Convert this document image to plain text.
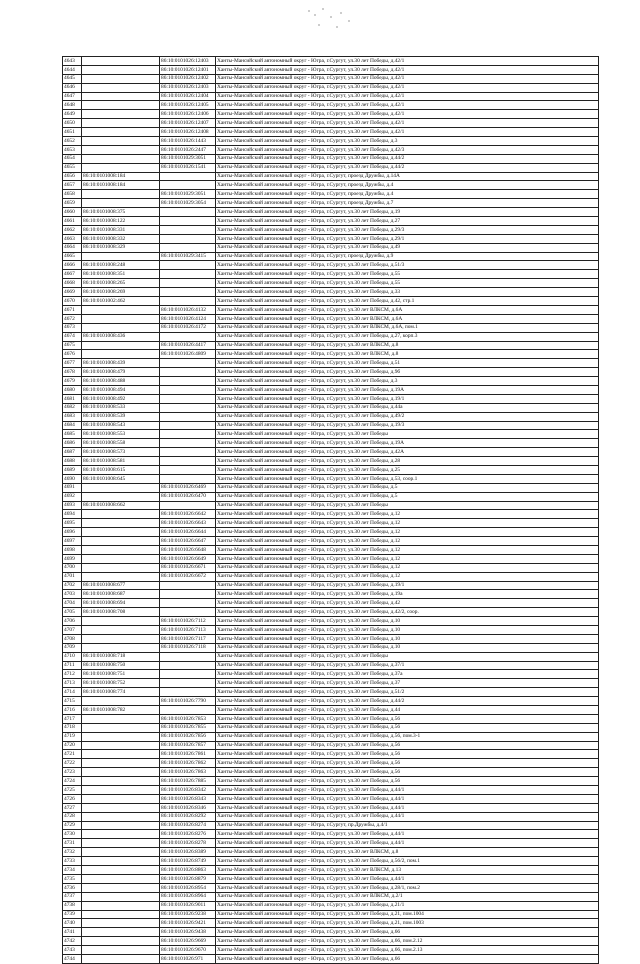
4643		86:10:0101026:12403	Ханты-Мансийский автономный округ - Югра, г.Сургут, ул.30 лет Победы, д.42/1
4644		86:10:0101026:12401	Ханты-Мансийский автономный округ - Югра, г.Сургут, ул.30 лет Победы, д.42/1
4645		86:10:0101026:12402	Ханты-Мансийский автономный округ - Югра, г.Сургут, ул.30 лет Победы, д.42/1
4646		86:10:0101026:12403	Ханты-Мансийский автономный округ - Югра, г.Сургут, ул.30 лет Победы, д.42/1
4647		86:10:0101026:12404	Ханты-Мансийский автономный округ - Югра, г.Сургут, ул.30 лет Победы, д.42/1
4648		86:10:0101026:12405	Ханты-Мансийский автономный округ - Югра, г.Сургут, ул.30 лет Победы, д.42/1
4649		86:10:0101026:12406	Ханты-Мансийский автономный округ - Югра, г.Сургут, ул.30 лет Победы, д.42/1
4650		86:10:0101026:12407	Ханты-Мансийский автономный округ - Югра, г.Сургут, ул.30 лет Победы, д.42/1
4651		86:10:0101026:12408	Ханты-Мансийский автономный округ - Югра, г.Сургут, ул.30 лет Победы, д.42/1
4652		86:10:0101026:1443	Ханты-Мансийский автономный округ - Югра, г.Сургут, ул.30 лет Победы, д.3
4653		86:10:0101026:2447	Ханты-Мансийский автономный округ - Югра, г.Сургут, ул.30 лет Победы, д.42/3
4654		86:10:0101029:3051	Ханты-Мансийский автономный округ - Югра, г.Сургут, ул.30 лет Победы, д.44/2
4655		86:10:0101026:1541	Ханты-Мансийский автономный округ - Югра, г.Сургут, ул.30 лет Победы, д.44/2
4656	86:10:0101008:184		Ханты-Мансийский автономный округ - Югра, г.Сургут, проезд Дружбы, д.14А
4657	86:10:0101008:184		Ханты-Мансийский автономный округ - Югра, г.Сургут, проезд Дружбы, д.4
4658		86:10:0101029:3051	Ханты-Мансийский автономный округ - Югра, г.Сургут, проезд Дружбы, д.4
4659		86:10:0101029:3054	Ханты-Мансийский автономный округ - Югра, г.Сургут, проезд Дружбы, д.7
4660	86:10:0101008:375		Ханты-Мансийский автономный округ - Югра, г.Сургут, ул.30 лет Победы, д.19
4661	86:10:0101008:122		Ханты-Мансийский автономный округ - Югра, г.Сургут, ул.30 лет Победы, д.27
4662	86:10:0101008:331		Ханты-Мансийский автономный округ - Югра, г.Сургут, ул.30 лет Победы, д.29/3
4663	86:10:0101008:332		Ханты-Мансийский автономный округ - Югра, г.Сургут, ул.30 лет Победы, д.29/1
4664	86:10:0101008:329		Ханты-Мансийский автономный округ - Югра, г.Сургут, ул.30 лет Победы, д.49
4665		86:10:0101029:3415	Ханты-Мансийский автономный округ - Югра, г.Сургут, проезд Дружбы, д.9
4666	86:10:0101008:248		Ханты-Мансийский автономный округ - Югра, г.Сургут, ул.30 лет Победы, д.51/3
4667	86:10:0101008:351		Ханты-Мансийский автономный округ - Югра, г.Сургут, ул.30 лет Победы, д.55
4668	86:10:0101008:265		Ханты-Мансийский автономный округ - Югра, г.Сургут, ул.30 лет Победы, д.55
4669	86:10:0101008:269		Ханты-Мансийский автономный округ - Югра, г.Сургут, ул.30 лет Победы, д.33
4670	86:10:0101002:462		Ханты-Мансийский автономный округ - Югра, г.Сургут, ул.30 лет Победы, д.42, стр.1
4671		86:10:0101026:4132	Ханты-Мансийский автономный округ - Югра, г.Сургут, ул.30 лет ВЛКСМ, д.6А
4672		86:10:0101026:4124	Ханты-Мансийский автономный округ - Югра, г.Сургут, ул.30 лет ВЛКСМ, д.6А
4673		86:10:0101026:4172	Ханты-Мансийский автономный округ - Югра, г.Сургут, ул.30 лет ВЛКСМ, д.6А, пом.1
4674	86:10:0101008:436		Ханты-Мансийский автономный округ - Югра, г.Сургут, ул.30 лет Победы, д.27, корп.3
4675		86:10:0101026:4417	Ханты-Мансийский автономный округ - Югра, г.Сургут, ул.30 лет ВЛКСМ, д.8
4676		86:10:0101026:4809	Ханты-Мансийский автономный округ - Югра, г.Сургут, ул.30 лет ВЛКСМ, д.8
4677	86:10:0101008:439		Ханты-Мансийский автономный округ - Югра, г.Сургут, ул.30 лет Победы, д.51
4678	86:10:0101008:479		Ханты-Мансийский автономный округ - Югра, г.Сургут, ул.30 лет Победы, д.9б
4679	86:10:0101008:488		Ханты-Мансийский автономный округ - Югра, г.Сургут, ул.30 лет Победы, д.3
4680	86:10:0101008:494		Ханты-Мансийский автономный округ - Югра, г.Сургут, ул.30 лет Победы, д.19А
4681	86:10:0101008:492		Ханты-Мансийский автономный округ - Югра, г.Сургут, ул.30 лет Победы, д.19/1
4682	86:10:0101008:533		Ханты-Мансийский автономный округ - Югра, г.Сургут, ул.30 лет Победы, д.44а
4683	86:10:0101008:539		Ханты-Мансийский автономный округ - Югра, г.Сургут, ул.30 лет Победы, д.49/2
4684	86:10:0101008:543		Ханты-Мансийский автономный округ - Югра, г.Сургут, ул.30 лет Победы, д.19/3
4685	86:10:0101008:553		Ханты-Мансийский автономный округ - Югра, г.Сургут, ул.30 лет Победы
4686	86:10:0101008:558		Ханты-Мансийский автономный округ - Югра, г.Сургут, ул.30 лет Победы, д.19А
4687	86:10:0101008:573		Ханты-Мансийский автономный округ - Югра, г.Сургут, ул.30 лет Победы, д.42А
4688	86:10:0101008:581		Ханты-Мансийский автономный округ - Югра, г.Сургут, ул.30 лет Победы, д.28
4689	86:10:0101008:615		Ханты-Мансийский автономный округ - Югра, г.Сургут, ул.30 лет Победы, д.25
4690	86:10:0101008:645		Ханты-Мансийский автономный округ - Югра, г.Сургут, ул.30 лет Победы, д.53, соор.1
4691		86:10:0101026:6469	Ханты-Мансийский автономный округ - Югра, г.Сургут, ул.30 лет Победы, д.5
4692		86:10:0101026:6470	Ханты-Мансийский автономный округ - Югра, г.Сургут, ул.30 лет Победы, д.5
4693	86:10:0101008:662		Ханты-Мансийский автономный округ - Югра, г.Сургут, ул.30 лет Победы
4694		86:10:0101026:6642	Ханты-Мансийский автономный округ - Югра, г.Сургут, ул.30 лет Победы, д.12
4695		86:10:0101026:6643	Ханты-Мансийский автономный округ - Югра, г.Сургут, ул.30 лет Победы, д.12
4696		86:10:0101026:6644	Ханты-Мансийский автономный округ - Югра, г.Сургут, ул.30 лет Победы, д.12
4697		86:10:0101026:6647	Ханты-Мансийский автономный округ - Югра, г.Сургут, ул.30 лет Победы, д.12
4698		86:10:0101026:6648	Ханты-Мансийский автономный округ - Югра, г.Сургут, ул.30 лет Победы, д.12
4699		86:10:0101026:6649	Ханты-Мансийский автономный округ - Югра, г.Сургут, ул.30 лет Победы, д.12
4700		86:10:0101026:6671	Ханты-Мансийский автономный округ - Югра, г.Сургут, ул.30 лет Победы, д.12
4701		86:10:0101026:6672	Ханты-Мансийский автономный округ - Югра, г.Сургут, ул.30 лет Победы, д.12
4702	86:10:0101008:677		Ханты-Мансийский автономный округ - Югра, г.Сургут, ул.30 лет Победы, д.19/1
4703	86:10:0101008:687		Ханты-Мансийский автономный округ - Югра, г.Сургут, ул.30 лет Победы, д.19а
4704	86:10:0101008:694		Ханты-Мансийский автономный округ - Югра, г.Сургут, ул.30 лет Победы, д.42
4705	86:10:0101008:708		Ханты-Мансийский автономный округ - Югра, г.Сургут, ул.30 лет Победы, д.42/2, соор.
4706		86:10:0101026:7112	Ханты-Мансийский автономный округ - Югра, г.Сургут, ул.30 лет Победы, д.10
4707		86:10:0101026:7113	Ханты-Мансийский автономный округ - Югра, г.Сургут, ул.30 лет Победы, д.10
4708		86:10:0101026:7117	Ханты-Мансийский автономный округ - Югра, г.Сургут, ул.30 лет Победы, д.10
4709		86:10:0101026:7118	Ханты-Мансийский автономный округ - Югра, г.Сургут, ул.30 лет Победы, д.10
4710	86:10:0101008:718		Ханты-Мансийский автономный округ - Югра, г.Сургут, ул.30 лет Победы
4711	86:10:0101008:750		Ханты-Мансийский автономный округ - Югра, г.Сургут, ул.30 лет Победы, д.37/1
4712	86:10:0101008:751		Ханты-Мансийский автономный округ - Югра, г.Сургут, ул.30 лет Победы, д.37а
4713	86:10:0101008:752		Ханты-Мансийский автономный округ - Югра, г.Сургут, ул.30 лет Победы, д.37
4714	86:10:0101008:774		Ханты-Мансийский автономный округ - Югра, г.Сургут, ул.30 лет Победы, д.51/2
4715		86:10:0101026:7790	Ханты-Мансийский автономный округ - Югра, г.Сургут, ул.30 лет Победы, д.44/2
4716	86:10:0101008:782		Ханты-Мансийский автономный округ - Югра, г.Сургут, ул.30 лет Победы, д.44
4717		86:10:0101026:7853	Ханты-Мансийский автономный округ - Югра, г.Сургут, ул.30 лет Победы, д.56
4718		86:10:0101026:7855	Ханты-Мансийский автономный округ - Югра, г.Сургут, ул.30 лет Победы, д.56
4719		86:10:0101026:7856	Ханты-Мансийский автономный округ - Югра, г.Сургут, ул.30 лет Победы, д.56, пом.3-1
4720		86:10:0101026:7857	Ханты-Мансийский автономный округ - Югра, г.Сургут, ул.30 лет Победы, д.56
4721		86:10:0101026:7861	Ханты-Мансийский автономный округ - Югра, г.Сургут, ул.30 лет Победы, д.56
4722		86:10:0101026:7862	Ханты-Мансийский автономный округ - Югра, г.Сургут, ул.30 лет Победы, д.56
4723		86:10:0101026:7863	Ханты-Мансийский автономный округ - Югра, г.Сургут, ул.30 лет Победы, д.56
4724		86:10:0101026:7885	Ханты-Мансийский автономный округ - Югра, г.Сургут, ул.30 лет Победы, д.56
4725		86:10:0101026:8342	Ханты-Мансийский автономный округ - Югра, г.Сургут, ул.30 лет Победы, д.44/1
4726		86:10:0101026:8343	Ханты-Мансийский автономный округ - Югра, г.Сургут, ул.30 лет Победы, д.44/1
4727		86:10:0101026:8346	Ханты-Мансийский автономный округ - Югра, г.Сургут, ул.30 лет Победы, д.44/1
4728		86:10:0101026:8292	Ханты-Мансийский автономный округ - Югра, г.Сургут, ул.30 лет Победы, д.44/1
4729		86:10:0101026:8274	Ханты-Мансийский автономный округ - Югра, г.Сургут, пр.Дружбы, д.4/1
4730		86:10:0101026:8276	Ханты-Мансийский автономный округ - Югра, г.Сургут, ул.30 лет Победы, д.44/1
4731		86:10:0101026:8278	Ханты-Мансийский автономный округ - Югра, г.Сургут, ул.30 лет Победы, д.44/1
4732		86:10:0101026:8389	Ханты-Мансийский автономный округ - Югра, г.Сургут, ул.30 лет ВЛКСМ, д.8
4733		86:10:0101026:8749	Ханты-Мансийский автономный округ - Югра, г.Сургут, ул.30 лет Победы, д.56/2, пом.1
4734		86:10:0101026:8863	Ханты-Мансийский автономный округ - Югра, г.Сургут, ул.30 лет ВЛКСМ, д.13
4735		86:10:0101026:8879	Ханты-Мансийский автономный округ - Югра, г.Сургут, ул.30 лет Победы, д.44/1
4736		86:10:0101026:8954	Ханты-Мансийский автономный округ - Югра, г.Сургут, ул.30 лет Победы, д.28/1, пом.2
4737		86:10:0101026:8964	Ханты-Мансийский автономный округ - Югра, г.Сургут, ул.30 лет ВЛКСМ, д.2/1
4738		86:10:0101026:9011	Ханты-Мансийский автономный округ - Югра, г.Сургут, ул.30 лет Победы, д.21/1
4739		86:10:0101026:9238	Ханты-Мансийский автономный округ - Югра, г.Сургут, ул.30 лет Победы, д.21, пом.1004
4740		86:10:0101026:9421	Ханты-Мансийский автономный округ - Югра, г.Сургут, ул.30 лет Победы, д.21, пом.1003
4741		86:10:0101026:9438	Ханты-Мансийский автономный округ - Югра, г.Сургут, ул.30 лет Победы, д.66
4742		86:10:0101026:9669	Ханты-Мансийский автономный округ - Югра, г.Сургут, ул.30 лет Победы, д.66, пом.2.12
4743		86:10:0101026:9670	Ханты-Мансийский автономный округ - Югра, г.Сургут, ул.30 лет Победы, д.66, пом.2.13
4744		86:10:0101026:971	Ханты-Мансийский автономный округ - Югра, г.Сургут, ул.30 лет Победы, д.66
